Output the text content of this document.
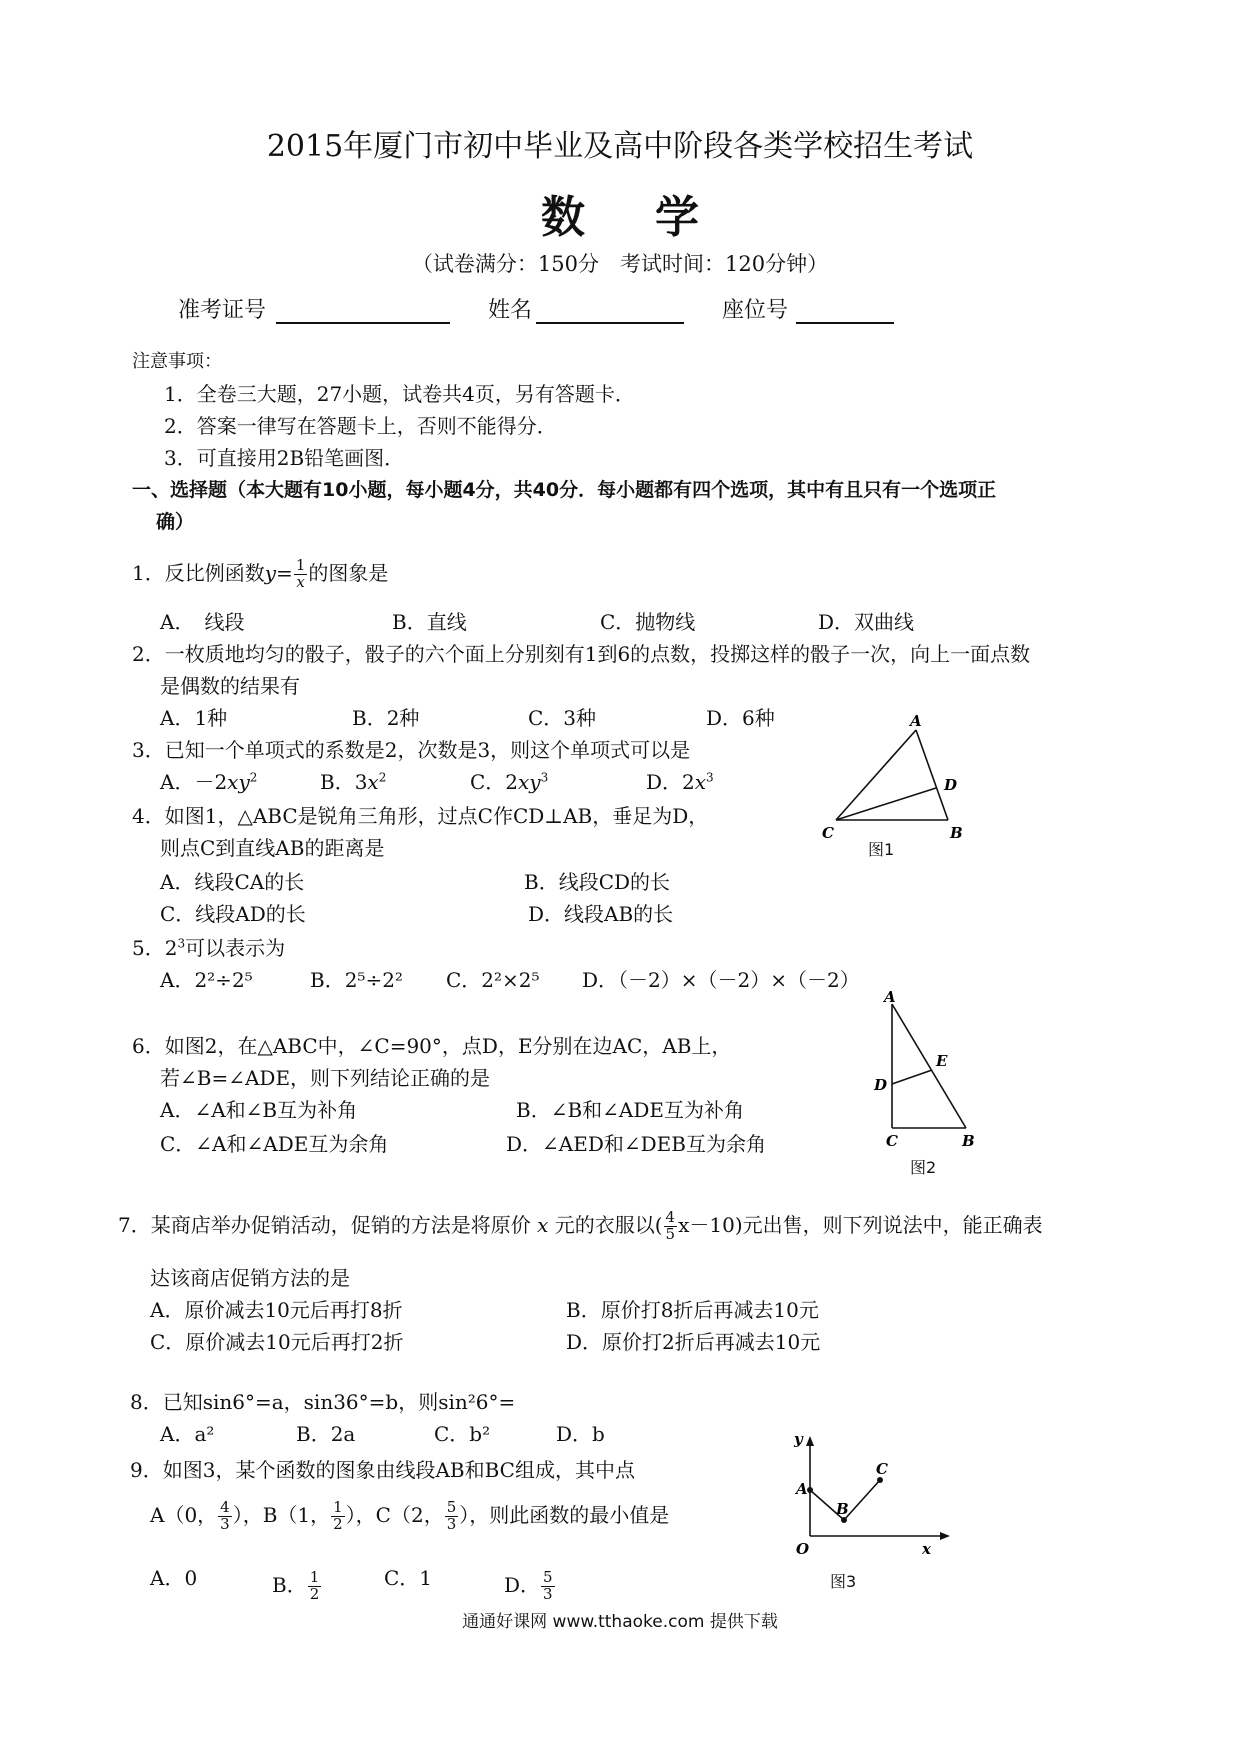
2015年厦门市初中毕业及高中阶段各类学校招生考试
数学
（试卷满分：150分　考试时间：120分钟）
准考证号	姓名	座位号
注意事项：
1．全卷三大题，27小题，试卷共4页，另有答题卡．
2．答案一律写在答题卡上，否则不能得分．
3．可直接用2B铅笔画图．
一、选择题（本大题有10小题，每小题4分，共40分．每小题都有四个选项，其中有且只有一个选项正
确）
1．反比例函数$y= \frac{1}{x}$ 的图象是
A．　线段	B．直线	C．抛物线	D．双曲线
2．一枚质地均匀的骰子，骰子的六个面上分别刻有1到6的点数，投掷这样的骰子一次，向上一面点数
是偶数的结果有
A．1种	B．2种	C．3种	D．6种
3．已知一个单项式的系数是2，次数是3，则这个单项式可以是
A．$-2xy^2$	B．$3x^2$	C．$2xy^3$	D．$2x^3$
4．如图1，△ABC是锐角三角形，过点C作CD⊥AB，垂足为D，
则点C到直线AB的距离是
A．线段CA的长	B．线段CD的长
C．线段AD的长	D．线段AB的长
5．$2^3$可以表示为
A．2²÷2⁵	B．2⁵÷2² C．2²×2⁵ D．（－2）×（－2）×（－2）
6．如图2，在△ABC中，∠C=90°，点D，E分别在边AC，AB上，
若∠B=∠ADE，则下列结论正确的是
A．∠A和∠B互为补角	B．∠B和∠ADE互为补角
C．∠A和∠ADE互为余角	D．∠AED和∠DEB互为余角
7．某商店举办促销活动，促销的方法是将原价 x 元的衣服以( $\frac{4}{5} x-10$)元出售，则下列说法中，能正确表
达该商店促销方法的是
A．原价减去10元后再打8折	B．原价打8折后再减去10元
C．原价减去10元后再打2折	D．原价打2折后再减去10元
8．已知sin6°=a，sin36°=b，则sin²6°=
A．a²	B．2a	C．b²	D．b
9．如图3，某个函数的图象由线段AB和BC组成，其中点
A（0， $\frac{4}{3}$ ），B（1， $\frac{1}{2}$ ），C（2， $\frac{5}{3}$ ），则此函数的最小值是
A．0	B． $\frac{1}{2}$	C．1	D． $\frac{5}{3}$
A
D
C	B
图1
A
E
D
C	B
图2
y
A
B
C
O	x
图3
通通好课网 www.tthaoke.com 提供下载
